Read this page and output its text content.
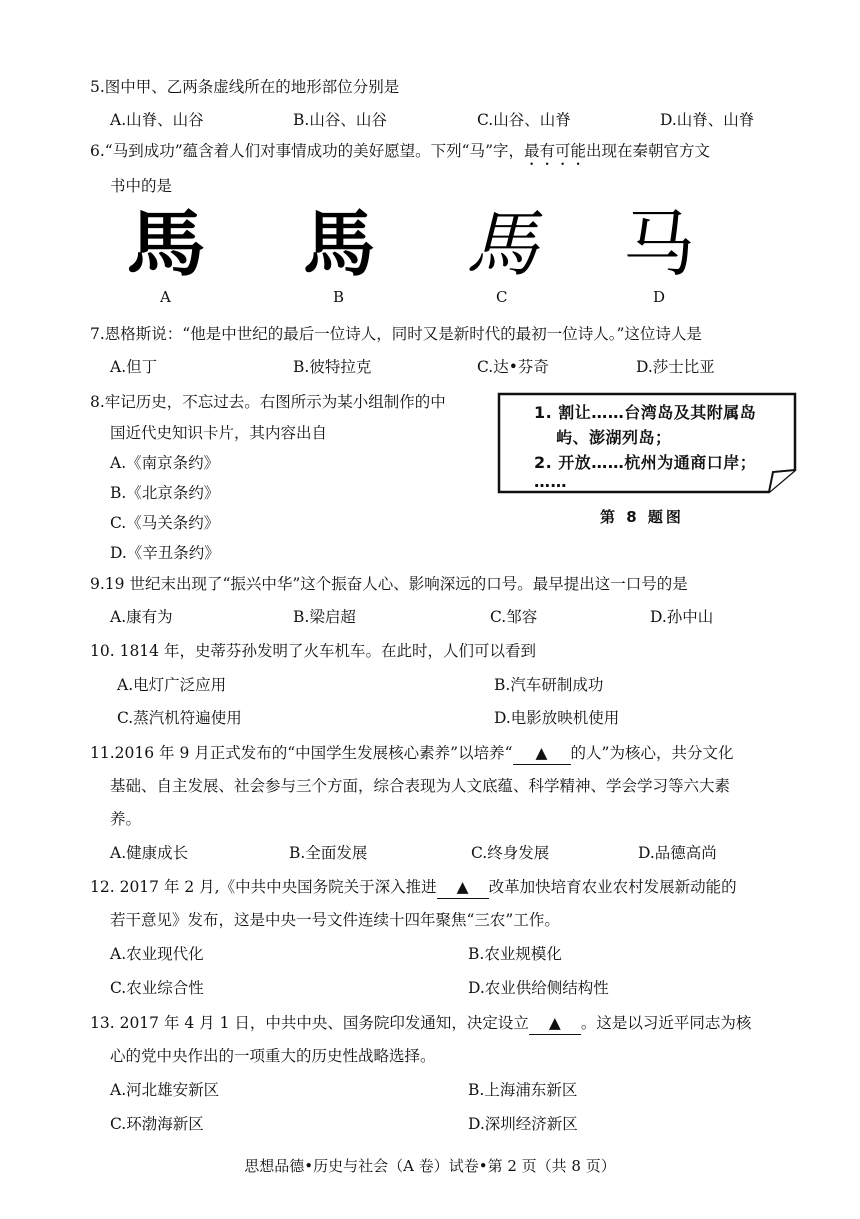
5.图中甲、乙两条虚线所在的地形部位分别是
A.山脊、山谷	B.山谷、山谷	C.山谷、山脊	D.山脊、山脊
6.“马到成功”蕴含着人们对事情成功的美好愿望。下列“马”字，最有可能出现在秦朝官方文
书中的是
馬 馬 馬 马
A	B	C	D
7.恩格斯说：“他是中世纪的最后一位诗人，同时又是新时代的最初一位诗人。”这位诗人是
A.但丁	B.彼特拉克	C.达•芬奇	D.莎士比亚
8.牢记历史，不忘过去。右图所示为某小组制作的中
国近代史知识卡片，其内容出自
A.《南京条约》
B.《北京条约》
C.《马关条约》
D.《辛丑条约》
1. 割让……台湾岛及其附属岛
屿、澎湖列岛；
2. 开放……杭州为通商口岸；
……
第 8 题图
9.19 世纪末出现了“振兴中华”这个振奋人心、影响深远的口号。最早提出这一口号的是
A.康有为	B.梁启超	C.邹容	D.孙中山
10. 1814 年，史蒂芬孙发明了火车机车。在此时，人们可以看到
A.电灯广泛应用	B.汽车研制成功
C.蒸汽机符遍使用	D.电影放映机使用
11.2016 年 9 月正式发布的“中国学生发展核心素养”以培养“ ▲ 的人”为核心，共分文化
基础、自主发展、社会参与三个方面，综合表现为人文底蕴、科学精神、学会学习等六大素
养。
A.健康成长	B.全面发展	C.终身发展	D.品德高尚
12. 2017 年 2 月,《中共中央国务院关于深入推进 ▲ 改革加快培育农业农村发展新动能的
若干意见》发布，这是中央一号文件连续十四年聚焦“三农”工作。
A.农业现代化	B.农业规模化
C.农业综合性	D.农业供给侧结构性
13. 2017 年 4 月 1 日，中共中央、国务院印发通知，决定设立 ▲ 。这是以习近平同志为核
心的党中央作出的一项重大的历史性战略选择。
A.河北雄安新区	B.上海浦东新区
C.环渤海新区	D.深圳经济新区
思想品德•历史与社会（A 卷）试卷•第 2 页（共 8 页）
